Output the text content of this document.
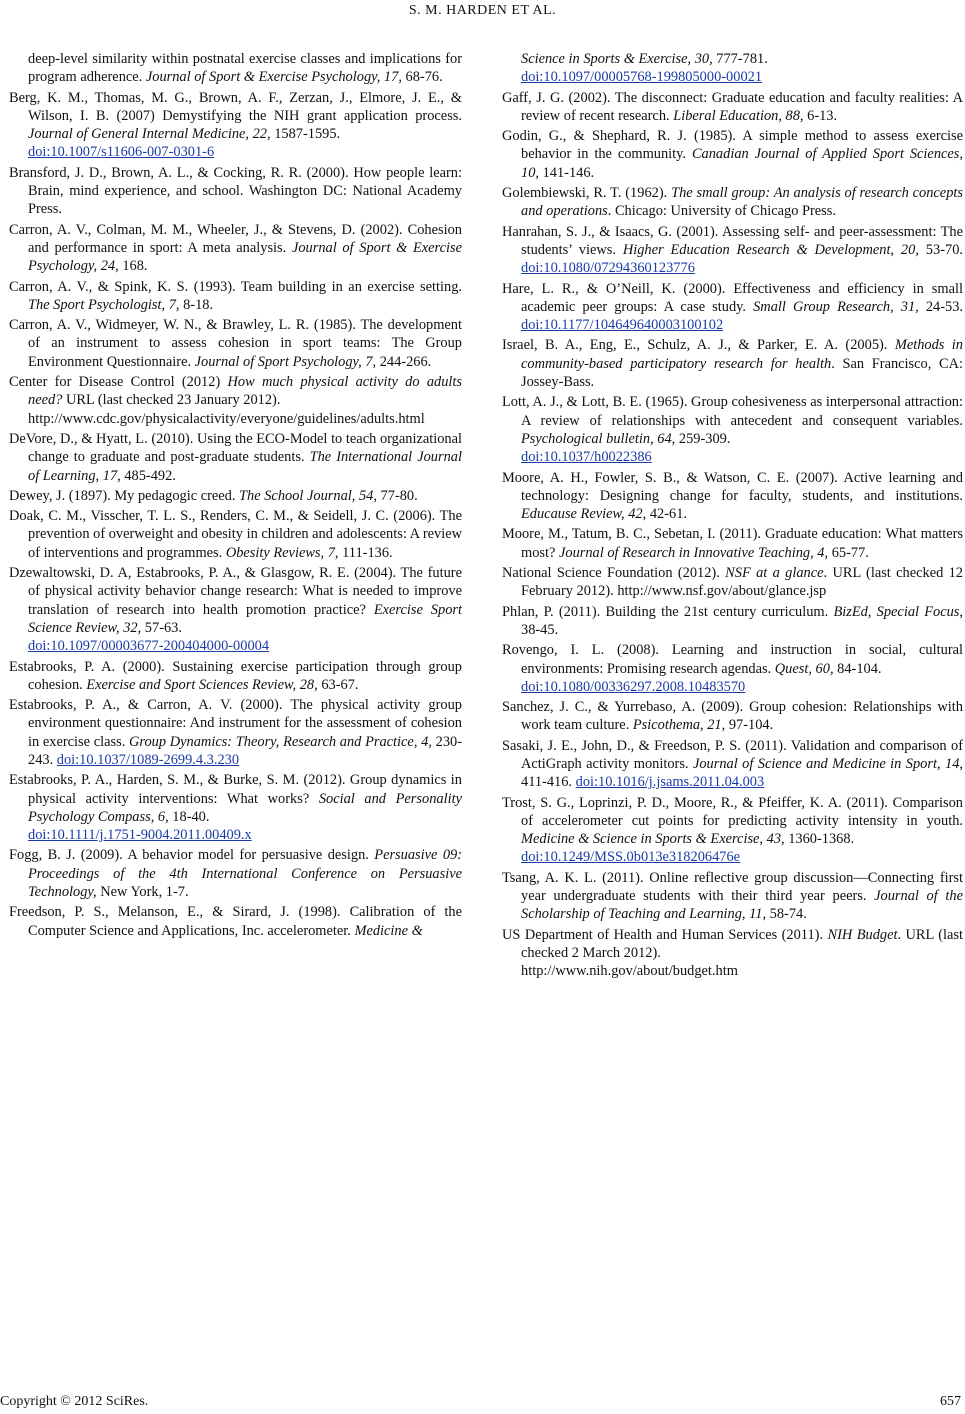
S. M. HARDEN ET AL.

deep-level similarity within postnatal exercise classes and implications for program adherence. Journal of Sport & Exercise Psychology, 17, 68-76.

Berg, K. M., Thomas, M. G., Brown, A. F., Zerzan, J., Elmore, J. E., & Wilson, I. B. (2007) Demystifying the NIH grant application process. Journal of General Internal Medicine, 22, 1587-1595.
doi:10.1007/s11606-007-0301-6

Bransford, J. D., Brown, A. L., & Cocking, R. R. (2000). How people learn: Brain, mind experience, and school. Washington DC: National Academy Press.

Carron, A. V., Colman, M. M., Wheeler, J., & Stevens, D. (2002). Cohesion and performance in sport: A meta analysis. Journal of Sport & Exercise Psychology, 24, 168.

Carron, A. V., & Spink, K. S. (1993). Team building in an exercise setting. The Sport Psychologist, 7, 8-18.

Carron, A. V., Widmeyer, W. N., & Brawley, L. R. (1985). The development of an instrument to assess cohesion in sport teams: The Group Environment Questionnaire. Journal of Sport Psychology, 7, 244-266.

Center for Disease Control (2012) How much physical activity do adults need? URL (last checked 23 January 2012).
http://www.cdc.gov/physicalactivity/everyone/guidelines/adults.html

DeVore, D., & Hyatt, L. (2010). Using the ECO-Model to teach organizational change to graduate and post-graduate students. The International Journal of Learning, 17, 485-492.

Dewey, J. (1897). My pedagogic creed. The School Journal, 54, 77-80.

Doak, C. M., Visscher, T. L. S., Renders, C. M., & Seidell, J. C. (2006). The prevention of overweight and obesity in children and adolescents: A review of interventions and programmes. Obesity Reviews, 7, 111-136.

Dzewaltowski, D. A, Estabrooks, P. A., & Glasgow, R. E. (2004). The future of physical activity behavior change research: What is needed to improve translation of research into health promotion practice? Exercise Sport Science Review, 32, 57-63.
doi:10.1097/00003677-200404000-00004

Estabrooks, P. A. (2000). Sustaining exercise participation through group cohesion. Exercise and Sport Sciences Review, 28, 63-67.

Estabrooks, P. A., & Carron, A. V. (2000). The physical activity group environment questionnaire: And instrument for the assessment of cohesion in exercise class. Group Dynamics: Theory, Research and Practice, 4, 230-243. doi:10.1037/1089-2699.4.3.230

Estabrooks, P. A., Harden, S. M., & Burke, S. M. (2012). Group dynamics in physical activity interventions: What works? Social and Personality Psychology Compass, 6, 18-40.
doi:10.1111/j.1751-9004.2011.00409.x

Fogg, B. J. (2009). A behavior model for persuasive design. Persuasive 09: Proceedings of the 4th International Conference on Persuasive Technology, New York, 1-7.

Freedson, P. S., Melanson, E., & Sirard, J. (1998). Calibration of the Computer Science and Applications, Inc. accelerometer. Medicine &

Science in Sports & Exercise, 30, 777-781.
doi:10.1097/00005768-199805000-00021

Gaff, J. G. (2002). The disconnect: Graduate education and faculty realities: A review of recent research. Liberal Education, 88, 6-13.

Godin, G., & Shephard, R. J. (1985). A simple method to assess exercise behavior in the community. Canadian Journal of Applied Sport Sciences, 10, 141-146.

Golembiewski, R. T. (1962). The small group: An analysis of research concepts and operations. Chicago: University of Chicago Press.

Hanrahan, S. J., & Isaacs, G. (2001). Assessing self- and peer-assessment: The students’ views. Higher Education Research & Development, 20, 53-70. doi:10.1080/07294360123776

Hare, L. R., & O’Neill, K. (2000). Effectiveness and efficiency in small academic peer groups: A case study. Small Group Research, 31, 24-53. doi:10.1177/104649640003100102

Israel, B. A., Eng, E., Schulz, A. J., & Parker, E. A. (2005). Methods in community-based participatory research for health. San Francisco, CA: Jossey-Bass.

Lott, A. J., & Lott, B. E. (1965). Group cohesiveness as interpersonal attraction: A review of relationships with antecedent and consequent variables. Psychological bulletin, 64, 259-309.
doi:10.1037/h0022386

Moore, A. H., Fowler, S. B., & Watson, C. E. (2007). Active learning and technology: Designing change for faculty, students, and institutions. Educause Review, 42, 42-61.

Moore, M., Tatum, B. C., Sebetan, I. (2011). Graduate education: What matters most? Journal of Research in Innovative Teaching, 4, 65-77.

National Science Foundation (2012). NSF at a glance. URL (last checked 12 February 2012). http://www.nsf.gov/about/glance.jsp

Phlan, P. (2011). Building the 21st century curriculum. BizEd, Special Focus, 38-45.

Rovengo, I. L. (2008). Learning and instruction in social, cultural environments: Promising research agendas. Quest, 60, 84-104.
doi:10.1080/00336297.2008.10483570

Sanchez, J. C., & Yurrebaso, A. (2009). Group cohesion: Relationships with work team culture. Psicothema, 21, 97-104.

Sasaki, J. E., John, D., & Freedson, P. S. (2011). Validation and comparison of ActiGraph activity monitors. Journal of Science and Medicine in Sport, 14, 411-416. doi:10.1016/j.jsams.2011.04.003

Trost, S. G., Loprinzi, P. D., Moore, R., & Pfeiffer, K. A. (2011). Comparison of accelerometer cut points for predicting activity intensity in youth. Medicine & Science in Sports & Exercise, 43, 1360-1368.
doi:10.1249/MSS.0b013e318206476e

Tsang, A. K. L. (2011). Online reflective group discussion—Connecting first year undergraduate students with their third year peers. Journal of the Scholarship of Teaching and Learning, 11, 58-74.

US Department of Health and Human Services (2011). NIH Budget. URL (last checked 2 March 2012).
http://www.nih.gov/about/budget.htm

Copyright © 2012 SciRes.	657
